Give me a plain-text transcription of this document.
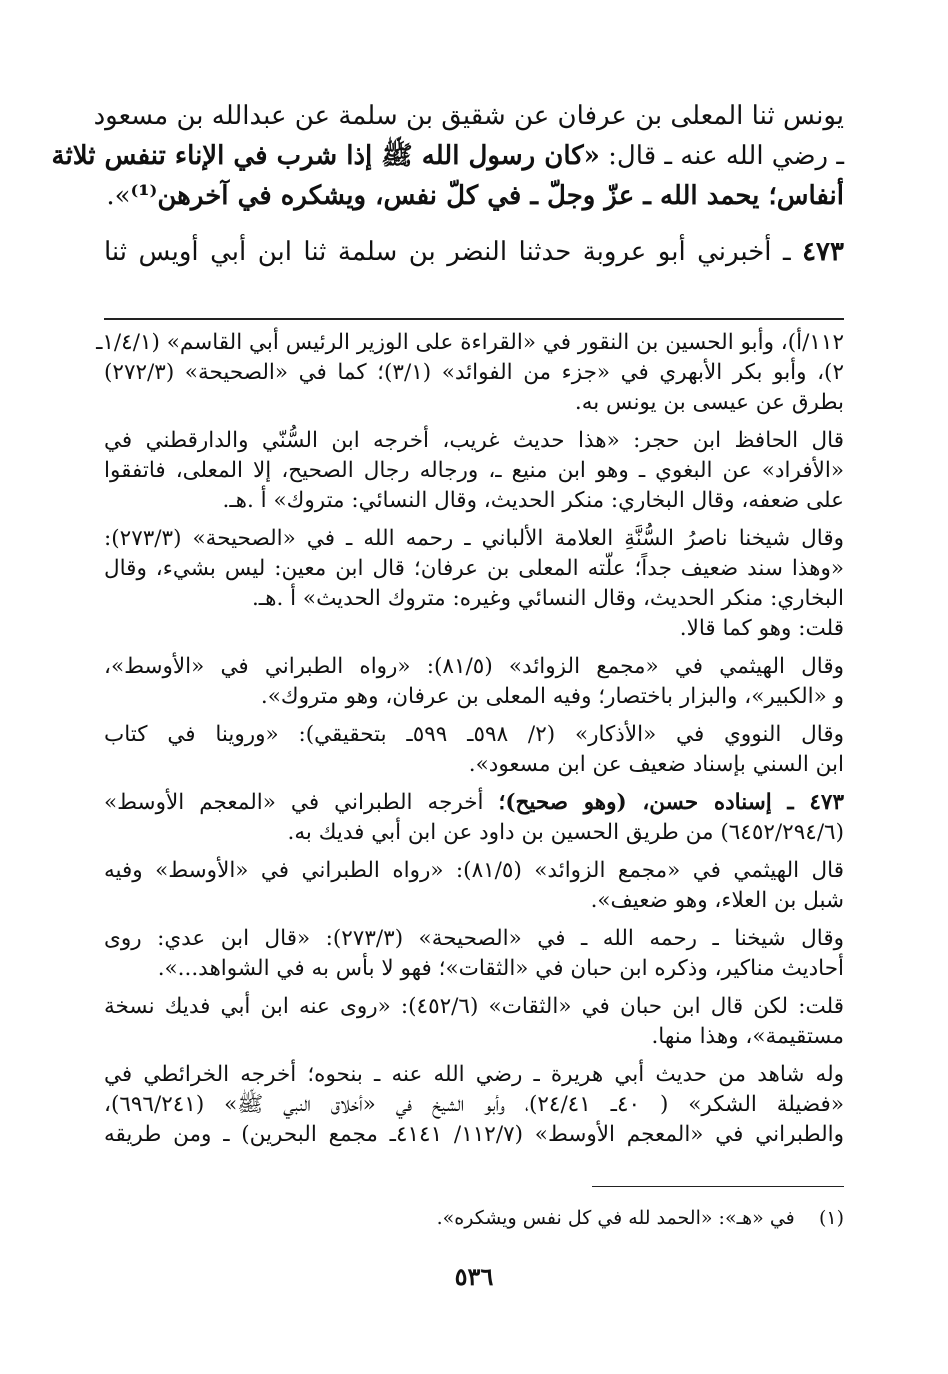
يونس ثنا المعلى بن عرفان عن شقيق بن سلمة عن عبدالله بن مسعود
ـ رضي الله عنه ـ قال: «كان رسول الله ﷺ إذا شرب في الإناء تنفس ثلاثة
أنفاس؛ يحمد الله ـ عزّ وجلّ ـ في كلّ نفس، ويشكره في آخرهن⁽¹⁾».
٤٧٣ ـ أخبرني أبو عروبة حدثنا النضر بن سلمة ثنا ابن أبي أويس ثنا
١١٢/أ)، وأبو الحسين بن النقور في «القراءة على الوزير الرئيس أبي القاسم» (١/٤/١ـ
٢)، وأبو بكر الأبهري في «جزء من الفوائد» (٣/١)؛ كما في «الصحيحة» (٢٧٢/٣)
بطرق عن عيسى بن يونس به.
قال الحافظ ابن حجر: «هذا حديث غريب، أخرجه ابن السُّنّي والدارقطني في
«الأفراد» عن البغوي ـ وهو ابن منيع ـ، ورجاله رجال الصحيح، إلا المعلى، فاتفقوا
على ضعفه، وقال البخاري: منكر الحديث، وقال النسائي: متروك» أ .هـ.
وقال شيخنا ناصرُ السُّنَّةِ العلامة الألباني ـ رحمه الله ـ في «الصحيحة» (٢٧٣/٣):
«وهذا سند ضعيف جداً؛ علّته المعلى بن عرفان؛ قال ابن معين: ليس بشيء، وقال
البخاري: منكر الحديث، وقال النسائي وغيره: متروك الحديث» أ .هـ.
قلت: وهو كما قالا.
وقال الهيثمي في «مجمع الزوائد» (٨١/٥): «رواه الطبراني في «الأوسط»،
و «الكبير»، والبزار باختصار؛ وفيه المعلى بن عرفان، وهو متروك».
وقال النووي في «الأذكار» (٢/ ٥٩٨ـ ٥٩٩ـ بتحقيقي): «وروينا في كتاب
ابن السني بإسناد ضعيف عن ابن مسعود».
٤٧٣ ـ إسناده حسن، (وهو صحيح)؛ أخرجه الطبراني في «المعجم الأوسط»
(٦٤٥٢/٢٩٤/٦) من طريق الحسين بن داود عن ابن أبي فديك به.
قال الهيثمي في «مجمع الزوائد» (٨١/٥): «رواه الطبراني في «الأوسط» وفيه
شبل بن العلاء، وهو ضعيف».
وقال شيخنا ـ رحمه الله ـ في «الصحيحة» (٢٧٣/٣): «قال ابن عدي: روى
أحاديث مناكير، وذكره ابن حبان في «الثقات»؛ فهو لا بأس به في الشواهد...».
قلت: لكن قال ابن حبان في «الثقات» (٤٥٢/٦): «روى عنه ابن أبي فديك نسخة
مستقيمة»، وهذا منها.
وله شاهد من حديث أبي هريرة ـ رضي الله عنه ـ بنحوه؛ أخرجه الخرائطي في
«فضيلة الشكر» ( ٤٠ـ ٢٤/٤١)، وأبو الشيخ في «أخلاق النبي ﷺ» (٦٩٦/٢٤١)،
والطبراني في «المعجم الأوسط» (١١٢/٧/ ٤١٤١ـ مجمع البحرين) ـ ومن طريقه
(١)    في «هـ»: «الحمد لله في كل نفس ويشكره».
٥٣٦
